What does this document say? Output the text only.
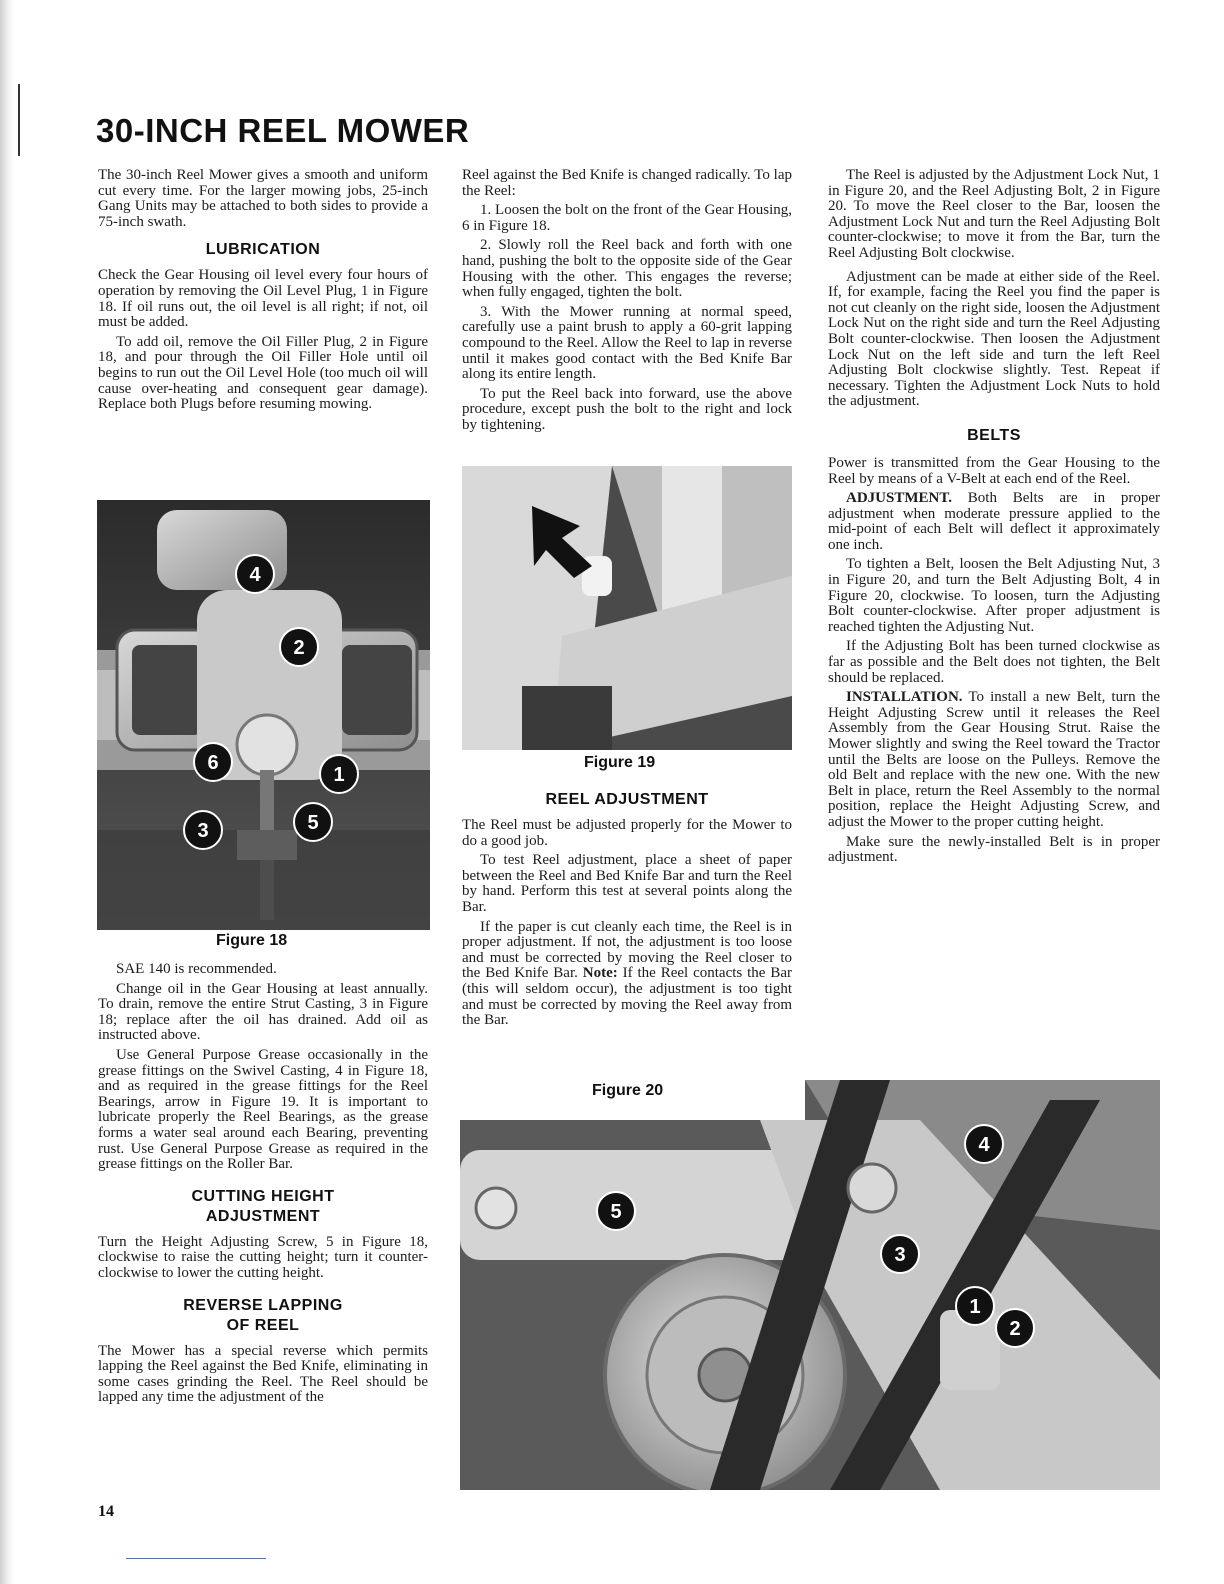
30-INCH REEL MOWER

The 30-inch Reel Mower gives a smooth and uniform cut every time. For the larger mowing jobs, 25-inch Gang Units may be attached to both sides to provide a 75-inch swath.

LUBRICATION

Check the Gear Housing oil level every four hours of operation by removing the Oil Level Plug, 1 in Figure 18. If oil runs out, the oil level is all right; if not, oil must be added.

To add oil, remove the Oil Filler Plug, 2 in Figure 18, and pour through the Oil Filler Hole until oil begins to run out the Oil Level Hole (too much oil will cause over-heating and consequent gear damage). Replace both Plugs before resuming mowing.

4
2
6
1
3	5

Figure 18

SAE 140 is recommended.

Change oil in the Gear Housing at least annually. To drain, remove the entire Strut Casting, 3 in Figure 18; replace after the oil has drained. Add oil as instructed above.

Use General Purpose Grease occasionally in the grease fittings on the Swivel Casting, 4 in Figure 18, and as required in the grease fittings for the Reel Bearings, arrow in Figure 19. It is important to lubricate properly the Reel Bearings, as the grease forms a water seal around each Bearing, preventing rust. Use General Purpose Grease as required in the grease fittings on the Roller Bar.

CUTTING HEIGHT
ADJUSTMENT

Turn the Height Adjusting Screw, 5 in Figure 18, clockwise to raise the cutting height; turn it counter-clockwise to lower the cutting height.

REVERSE LAPPING
OF REEL

The Mower has a special reverse which permits lapping the Reel against the Bed Knife, eliminating in some cases grinding the Reel. The Reel should be lapped any time the adjustment of the

Reel against the Bed Knife is changed radically. To lap the Reel:

1. Loosen the bolt on the front of the Gear Housing, 6 in Figure 18.

2. Slowly roll the Reel back and forth with one hand, pushing the bolt to the opposite side of the Gear Housing with the other. This engages the reverse; when fully engaged, tighten the bolt.

3. With the Mower running at normal speed, carefully use a paint brush to apply a 60-grit lapping compound to the Reel. Allow the Reel to lap in reverse until it makes good contact with the Bed Knife Bar along its entire length.

To put the Reel back into forward, use the above procedure, except push the bolt to the right and lock by tightening.

Figure 19

REEL ADJUSTMENT

The Reel must be adjusted properly for the Mower to do a good job.

To test Reel adjustment, place a sheet of paper between the Reel and Bed Knife Bar and turn the Reel by hand. Perform this test at several points along the Bar.

If the paper is cut cleanly each time, the Reel is in proper adjustment. If not, the adjustment is too loose and must be corrected by moving the Reel closer to the Bed Knife Bar. Note: If the Reel contacts the Bar (this will seldom occur), the adjustment is too tight and must be corrected by moving the Reel away from the Bar.

Figure 20

The Reel is adjusted by the Adjustment Lock Nut, 1 in Figure 20, and the Reel Adjusting Bolt, 2 in Figure 20. To move the Reel closer to the Bar, loosen the Adjustment Lock Nut and turn the Reel Adjusting Bolt counter-clockwise; to move it from the Bar, turn the Reel Adjusting Bolt clockwise.

Adjustment can be made at either side of the Reel. If, for example, facing the Reel you find the paper is not cut cleanly on the right side, loosen the Adjustment Lock Nut on the right side and turn the Reel Adjusting Bolt counter-clockwise. Then loosen the Adjustment Lock Nut on the left side and turn the left Reel Adjusting Bolt clockwise slightly. Test. Repeat if necessary. Tighten the Adjustment Lock Nuts to hold the adjustment.

BELTS

Power is transmitted from the Gear Housing to the Reel by means of a V-Belt at each end of the Reel.

ADJUSTMENT. Both Belts are in proper adjustment when moderate pressure applied to the mid-point of each Belt will deflect it approximately one inch.

To tighten a Belt, loosen the Belt Adjusting Nut, 3 in Figure 20, and turn the Belt Adjusting Bolt, 4 in Figure 20, clockwise. To loosen, turn the Adjusting Bolt counter-clockwise. After proper adjustment is reached tighten the Adjusting Nut.

If the Adjusting Bolt has been turned clockwise as far as possible and the Belt does not tighten, the Belt should be replaced.

INSTALLATION. To install a new Belt, turn the Height Adjusting Screw until it releases the Reel Assembly from the Gear Housing Strut. Raise the Mower slightly and swing the Reel toward the Tractor until the Belts are loose on the Pulleys. Remove the old Belt and replace with the new one. With the new Belt in place, return the Reel Assembly to the normal position, replace the Height Adjusting Screw, and adjust the Mower to the proper cutting height.

Make sure the newly-installed Belt is in proper adjustment.

4
5
3
1
2

14
